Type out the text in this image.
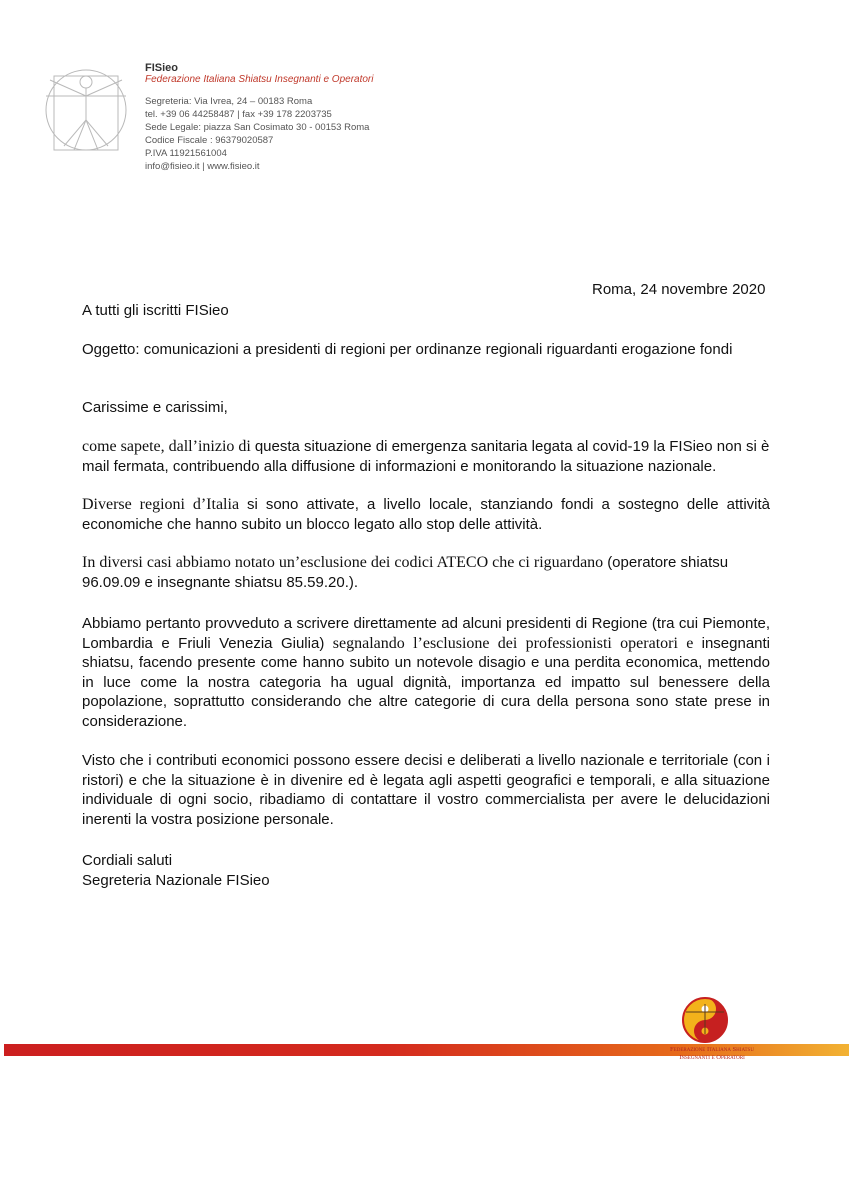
FISieo
Federazione Italiana Shiatsu Insegnanti e Operatori
Segreteria: Via Ivrea, 24 – 00183 Roma
tel. +39 06 44258487 | fax +39 178 2203735
Sede Legale: piazza San Cosimato 30 - 00153 Roma
Codice Fiscale : 96379020587
P.IVA 11921561004
info@fisieo.it | www.fisieo.it
Roma, 24 novembre 2020
A tutti gli iscritti FISieo
Oggetto: comunicazioni a presidenti di regioni per ordinanze regionali riguardanti erogazione fondi
Carissime e carissimi,
come sapete, dall’inizio di questa situazione di emergenza sanitaria legata al covid-19 la FISieo non si è mail fermata, contribuendo alla diffusione di informazioni e monitorando la situazione nazionale.
Diverse regioni d’Italia si sono attivate, a livello locale, stanziando fondi a sostegno delle attività economiche che hanno subito un blocco legato allo stop delle attività.
In diversi casi abbiamo notato un’esclusione dei codici ATECO che ci riguardano (operatore shiatsu 96.09.09 e insegnante shiatsu 85.59.20.).
Abbiamo pertanto provveduto a scrivere direttamente ad alcuni presidenti di Regione (tra cui Piemonte, Lombardia e Friuli Venezia Giulia) segnalando l’esclusione dei professionisti operatori e insegnanti shiatsu, facendo presente come hanno subito un notevole disagio e una perdita economica, mettendo in luce come la nostra categoria ha ugual dignità, importanza ed impatto sul benessere della popolazione, soprattutto considerando che altre categorie di cura della persona sono state prese in considerazione.
Visto che i contributi economici possono essere decisi e deliberati a livello nazionale e territoriale (con i ristori) e che la situazione è in divenire ed è legata agli aspetti geografici e temporali, e alla situazione individuale di ogni socio, ribadiamo di contattare il vostro commercialista per avere le delucidazioni inerenti la vostra posizione personale.
Cordiali saluti
Segreteria Nazionale FISieo
Federazione Italiana Shiatsu
Insegnanti e Operatori
